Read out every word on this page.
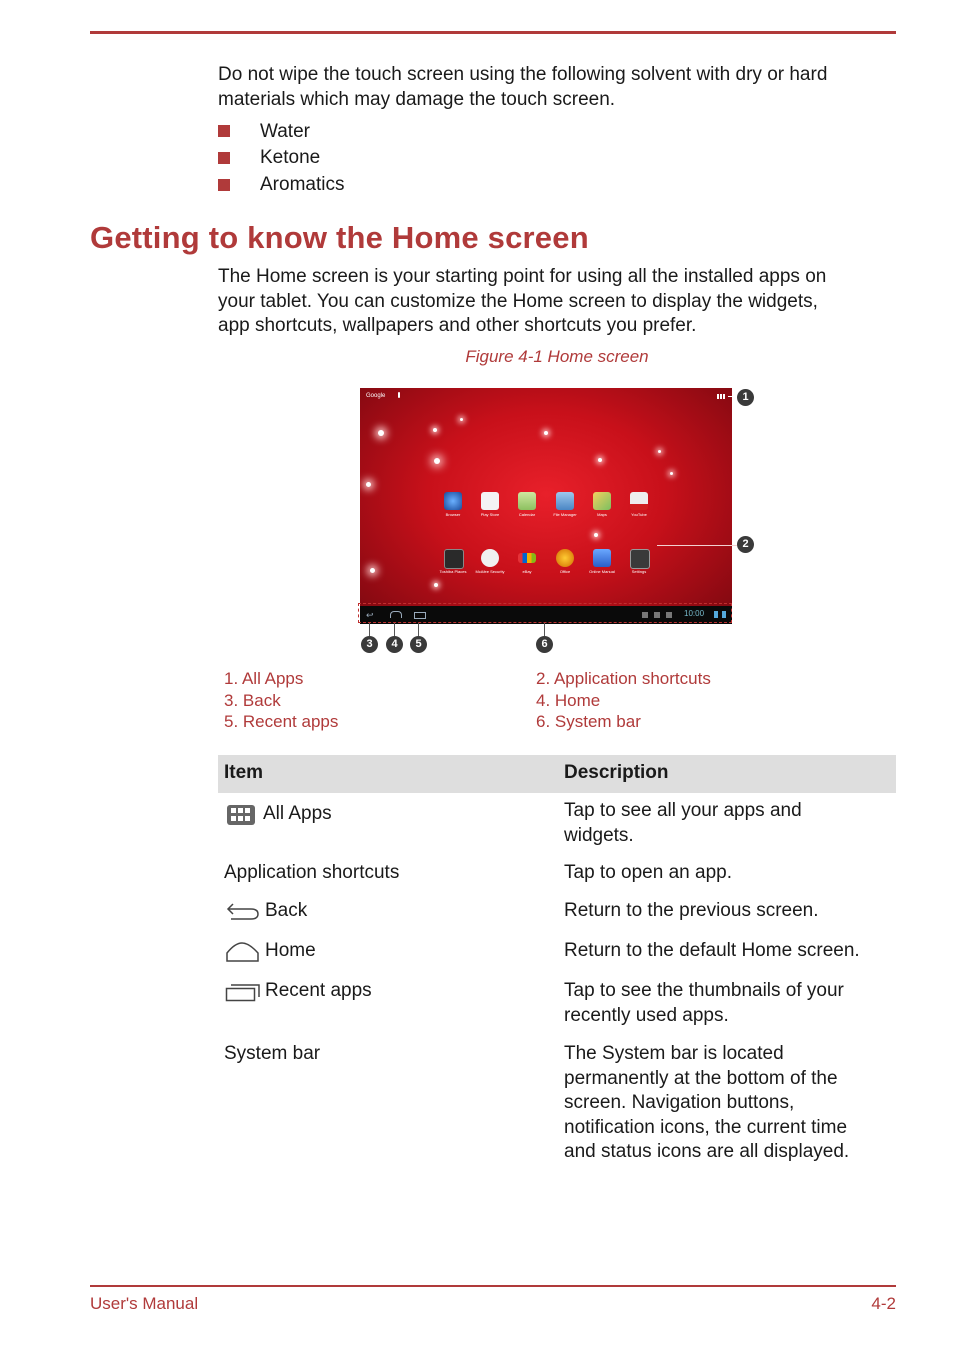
Do not wipe the touch screen using the following solvent with dry or hard
materials which may damage the touch screen.
Water
Ketone
Aromatics
Getting to know the Home screen
The Home screen is your starting point for using all the installed apps on
your tablet. You can customize the Home screen to display the widgets,
app shortcuts, wallpapers and other shortcuts you prefer.
Figure 4-1 Home screen
Google
Browser	Play Store	Calendar	File Manager	Maps	YouTube
Toshiba Places	McAfee Security	eBay	Office	Online Manual	Settings
↩	10:00
1
2
3	4	5	6
1. All Apps
3. Back
5. Recent apps
2. Application shortcuts
4. Home
6. System bar
Item	Description
All Apps	Tap to see all your apps and
widgets.
Application shortcuts	Tap to open an app.
Back	Return to the previous screen.
Home	Return to the default Home screen.
Recent apps	Tap to see the thumbnails of your
recently used apps.
System bar	The System bar is located
permanently at the bottom of the
screen. Navigation buttons,
notification icons, the current time
and status icons are all displayed.
User's Manual	4-2
